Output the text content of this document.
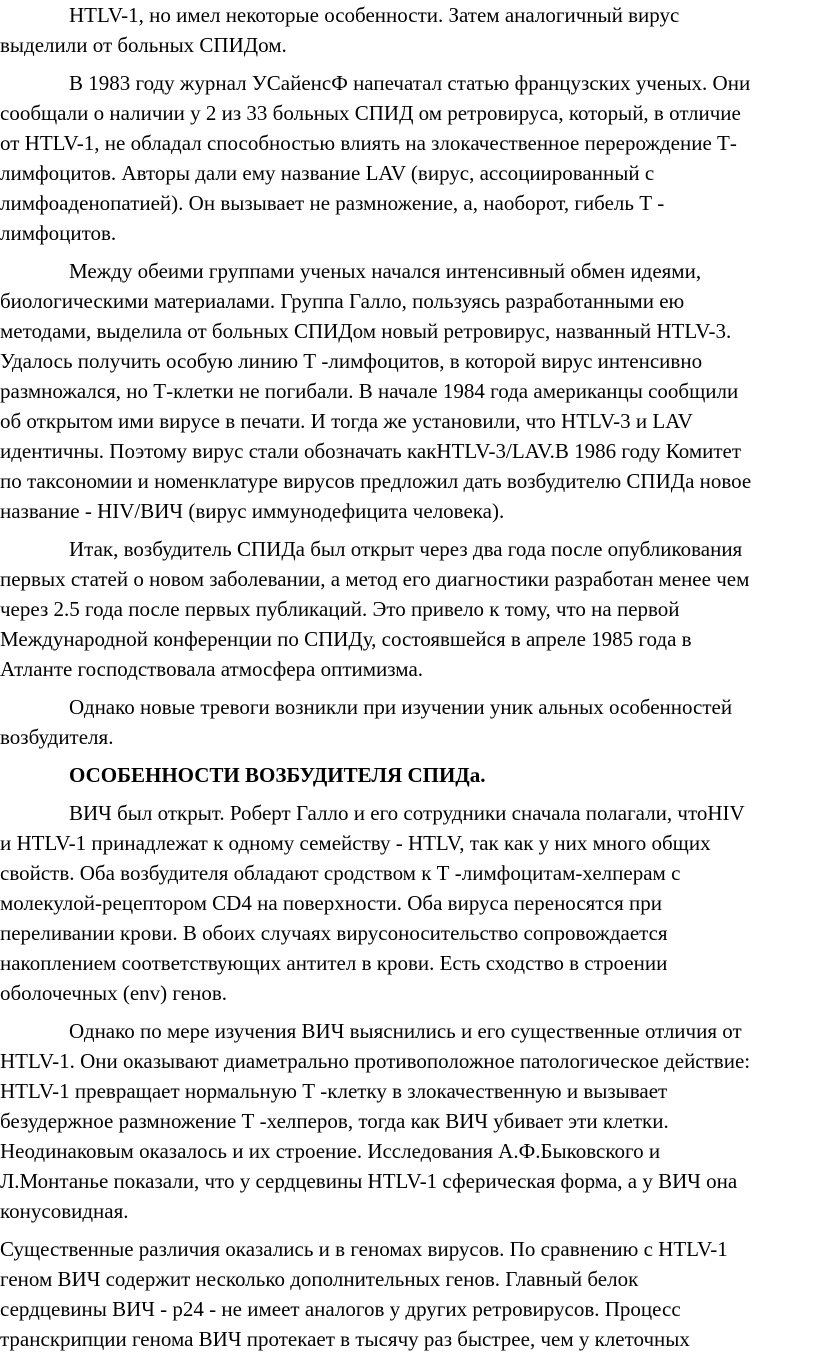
HTLV-1, но имел некоторые особенности. Затем аналогичный вирус
выделили от больных СПИДом.
В 1983 году журнал УСайенсФ напечатал статью французских ученых. Они
сообщали о наличии у 2 из 33 больных СПИД ом ретровируса, который, в отличие
от HTLV-1, не обладал способностью влиять на злокачественное перерождение Т-
лимфоцитов. Авторы дали ему название LAV (вирус, ассоциированный с
лимфоаденопатией). Он вызывает не размножение, а, наоборот, гибель Т -
лимфоцитов.
Между обеими группами ученых начался интенсивный обмен идеями,
биологическими материалами. Группа Галло, пользуясь разработанными ею
методами, выделила от больных СПИДом новый ретровирус, названный HTLV-3.
Удалось получить особую линию Т -лимфоцитов, в которой вирус интенсивно
размножался, но Т-клетки не погибали. В начале 1984 года американцы сообщили
об открытом ими вирусе в печати. И тогда же установили, что HTLV-3 и LAV
идентичны. Поэтому вирус стали обозначать какHTLV-3/LAV.В 1986 году Комитет
по таксономии и номенклатуре вирусов предложил дать возбудителю СПИДа новое
название - HIV/ВИЧ (вирус иммунодефицита человека).
Итак, возбудитель СПИДа был открыт через два года после опубликования
первых статей о новом заболевании, а метод его диагностики разработан менее чем
через 2.5 года после первых публикаций. Это привело к тому, что на первой
Международной конференции по СПИДу, состоявшейся в апреле 1985 года в
Атланте господствовала атмосфера оптимизма.
Однако новые тревоги возникли при изучении уник альных особенностей
возбудителя.
ОСОБЕННОСТИ ВОЗБУДИТЕЛЯ СПИДа.
ВИЧ был открыт. Роберт Галло и его сотрудники сначала полагали, чтоHIV
и HTLV-1 принадлежат к одному семейству - HTLV, так как у них много общих
свойств. Оба возбудителя обладают сродством к Т -лимфоцитам-хелперам с
молекулой-рецептором CD4 на поверхности. Оба вируса переносятся при
переливании крови. В обоих случаях вирусоносительство сопровождается
накоплением соответствующих антител в крови. Есть сходство в строении
оболочечных (env) генов.
Однако по мере изучения ВИЧ выяснились и его существенные отличия от
HTLV-1. Они оказывают диаметрально противоположное патологическое действие:
HTLV-1 превращает нормальную Т -клетку в злокачественную и вызывает
безудержное размножение Т -хелперов, тогда как ВИЧ убивает эти клетки.
Неодинаковым оказалось и их строение. Исследования А.Ф.Быковского и
Л.Монтанье показали, что у сердцевины HTLV-1 сферическая форма, а у ВИЧ она
конусовидная.
Существенные различия оказались и в геномах вирусов. По сравнению с HTLV-1
геном ВИЧ содержит несколько дополнительных генов. Главный белок
сердцевины ВИЧ - р24 - не имеет аналогов у других ретровирусов. Процесс
транскрипции генома ВИЧ протекает в тысячу раз быстрее, чем у клеточных
